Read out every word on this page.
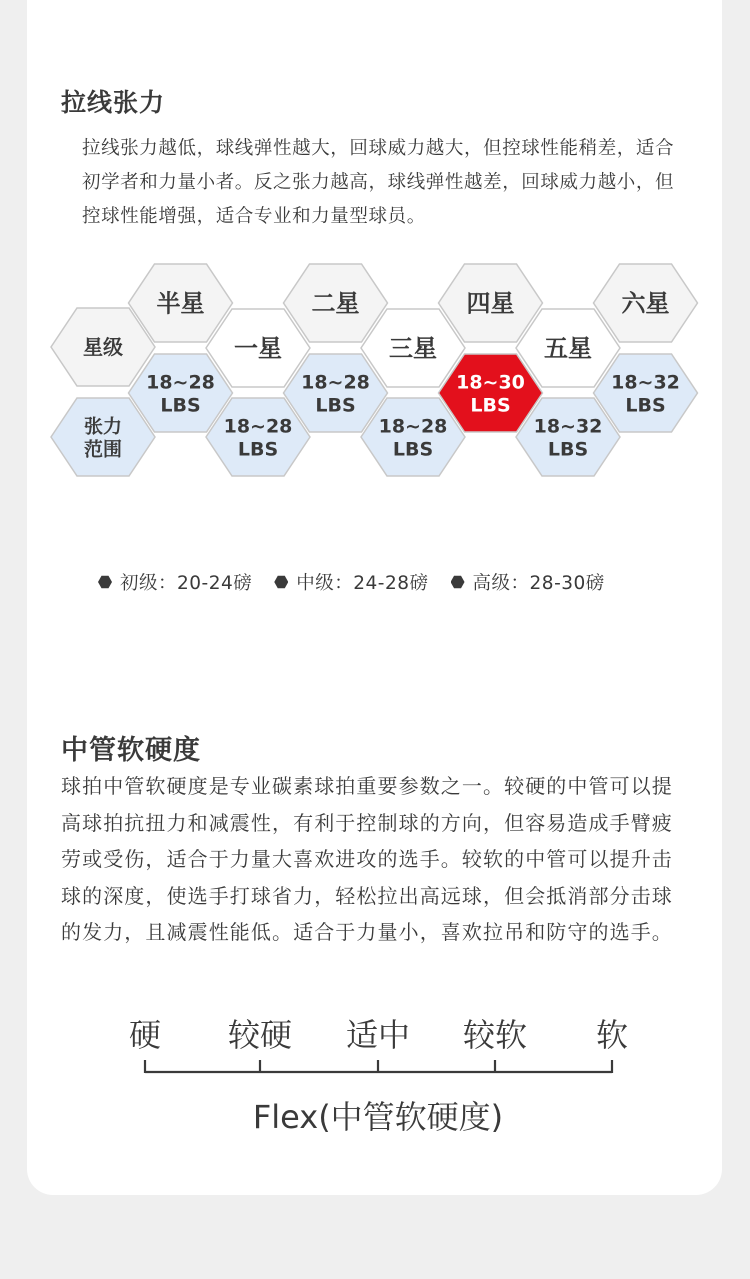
拉线张力

拉线张力越低，球线弹性越大，回球威力越大，但控球性能稍差，适合初学者和力量小者。反之张力越高，球线弹性越差，回球威力越小，但控球性能增强，适合专业和力量型球员。

星级	一星
半星	二星
三星
四星
五星
六星
张力
范围
18~28
LBS
18~28
LBS
18~28
LBS
18~28
LBS
18~30
LBS
18~32
LBS
18~32
LBS
初级：20-24磅 中级：24-28磅 高级：28-30磅
中管软硬度

球拍中管软硬度是专业碳素球拍重要参数之一。较硬的中管可以提高球拍抗扭力和减震性，有利于控制球的方向，但容易造成手臂疲劳或受伤，适合于力量大喜欢进攻的选手。较软的中管可以提升击球的深度，使选手打球省力，轻松拉出高远球，但会抵消部分击球的发力，且减震性能低。适合于力量小，喜欢拉吊和防守的选手。

硬 较硬 适中 较软 软
Flex(中管软硬度)
